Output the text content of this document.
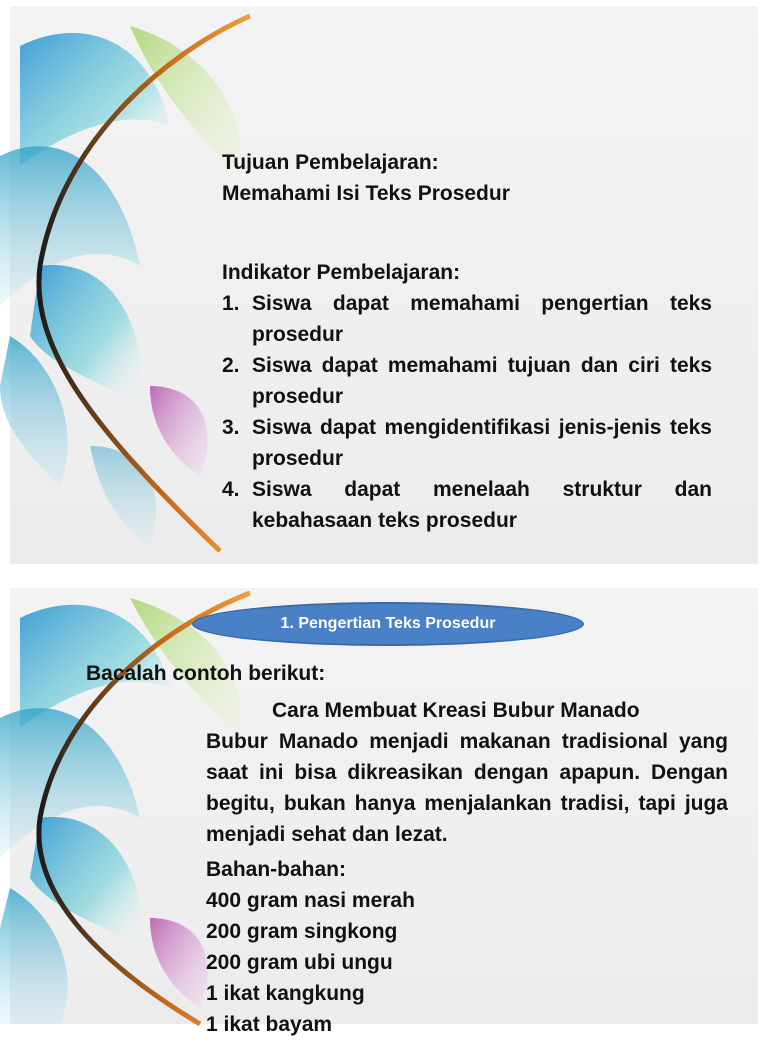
Tujuan Pembelajaran:
Memahami Isi Teks Prosedur
Indikator Pembelajaran:
1. Siswa dapat memahami pengertian teks prosedur
2. Siswa dapat memahami tujuan dan ciri teks prosedur
3. Siswa dapat mengidentifikasi jenis-jenis teks prosedur
4. Siswa dapat menelaah struktur dan kebahasaan teks prosedur
1. Pengertian Teks Prosedur
Bacalah contoh berikut:
Cara Membuat Kreasi Bubur Manado
Bubur Manado menjadi makanan tradisional yang saat ini bisa dikreasikan dengan apapun. Dengan begitu, bukan hanya menjalankan tradisi, tapi juga menjadi sehat dan lezat.
Bahan-bahan:
400 gram nasi merah
200 gram singkong
200 gram ubi ungu
1 ikat kangkung
1 ikat bayam
